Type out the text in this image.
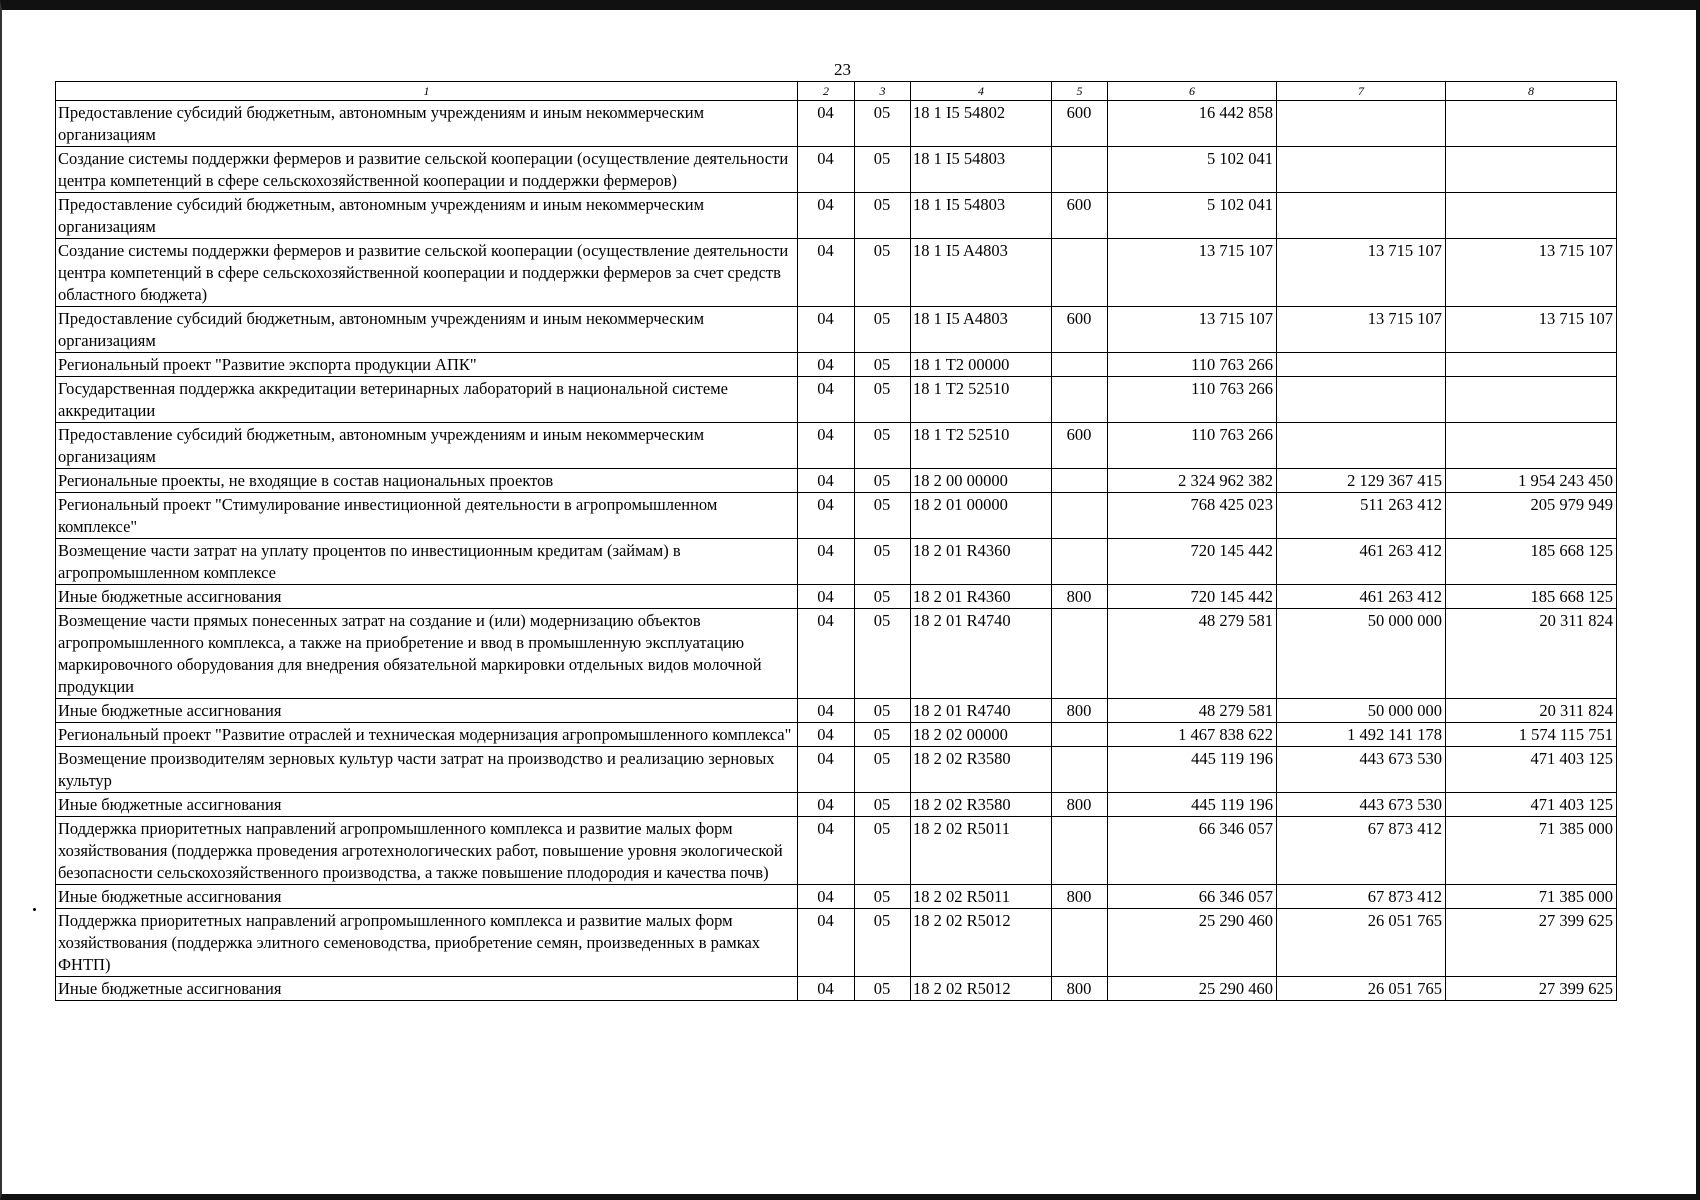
23
1	2	3	4	5	6	7	8
Предоставление субсидий бюджетным, автономным учреждениям и иным некоммерческим организациям	04	05	18 1 I5 54802	600	16 442 858		
Создание системы поддержки фермеров и развитие сельской кооперации (осуществление деятельности центра компетенций в сфере сельскохозяйственной кооперации и поддержки фермеров)	04	05	18 1 I5 54803		5 102 041		
Предоставление субсидий бюджетным, автономным учреждениям и иным некоммерческим организациям	04	05	18 1 I5 54803	600	5 102 041		
Создание системы поддержки фермеров и развитие сельской кооперации (осуществление деятельности центра компетенций в сфере сельскохозяйственной кооперации и поддержки фермеров за счет средств областного бюджета)	04	05	18 1 I5 A4803		13 715 107	13 715 107	13 715 107
Предоставление субсидий бюджетным, автономным учреждениям и иным некоммерческим организациям	04	05	18 1 I5 A4803	600	13 715 107	13 715 107	13 715 107
Региональный проект "Развитие экспорта продукции АПК"	04	05	18 1 T2 00000		110 763 266		
Государственная поддержка аккредитации ветеринарных лабораторий в национальной системе аккредитации	04	05	18 1 T2 52510		110 763 266		
Предоставление субсидий бюджетным, автономным учреждениям и иным некоммерческим организациям	04	05	18 1 T2 52510	600	110 763 266		
Региональные проекты, не входящие в состав национальных проектов	04	05	18 2 00 00000		2 324 962 382	2 129 367 415	1 954 243 450
Региональный проект "Стимулирование инвестиционной деятельности в агропромышленном комплексе"	04	05	18 2 01 00000		768 425 023	511 263 412	205 979 949
Возмещение части затрат на уплату процентов по инвестиционным кредитам (займам) в агропромышленном комплексе	04	05	18 2 01 R4360		720 145 442	461 263 412	185 668 125
Иные бюджетные ассигнования	04	05	18 2 01 R4360	800	720 145 442	461 263 412	185 668 125
Возмещение части прямых понесенных затрат на создание и (или) модернизацию объектов агропромышленного комплекса, а также на приобретение и ввод в промышленную эксплуатацию маркировочного оборудования для внедрения обязательной маркировки отдельных видов молочной продукции	04	05	18 2 01 R4740		48 279 581	50 000 000	20 311 824
Иные бюджетные ассигнования	04	05	18 2 01 R4740	800	48 279 581	50 000 000	20 311 824
Региональный проект "Развитие отраслей и техническая модернизация агропромышленного комплекса"	04	05	18 2 02 00000		1 467 838 622	1 492 141 178	1 574 115 751
Возмещение производителям зерновых культур части затрат на производство и реализацию зерновых культур	04	05	18 2 02 R3580		445 119 196	443 673 530	471 403 125
Иные бюджетные ассигнования	04	05	18 2 02 R3580	800	445 119 196	443 673 530	471 403 125
Поддержка приоритетных направлений агропромышленного комплекса и развитие малых форм хозяйствования (поддержка проведения агротехнологических работ, повышение уровня экологической безопасности сельскохозяйственного производства, а также повышение плодородия и качества почв)	04	05	18 2 02 R5011		66 346 057	67 873 412	71 385 000
Иные бюджетные ассигнования	04	05	18 2 02 R5011	800	66 346 057	67 873 412	71 385 000
Поддержка приоритетных направлений агропромышленного комплекса и развитие малых форм хозяйствования (поддержка элитного семеноводства, приобретение семян, произведенных в рамках ФНТП)	04	05	18 2 02 R5012		25 290 460	26 051 765	27 399 625
Иные бюджетные ассигнования	04	05	18 2 02 R5012	800	25 290 460	26 051 765	27 399 625
